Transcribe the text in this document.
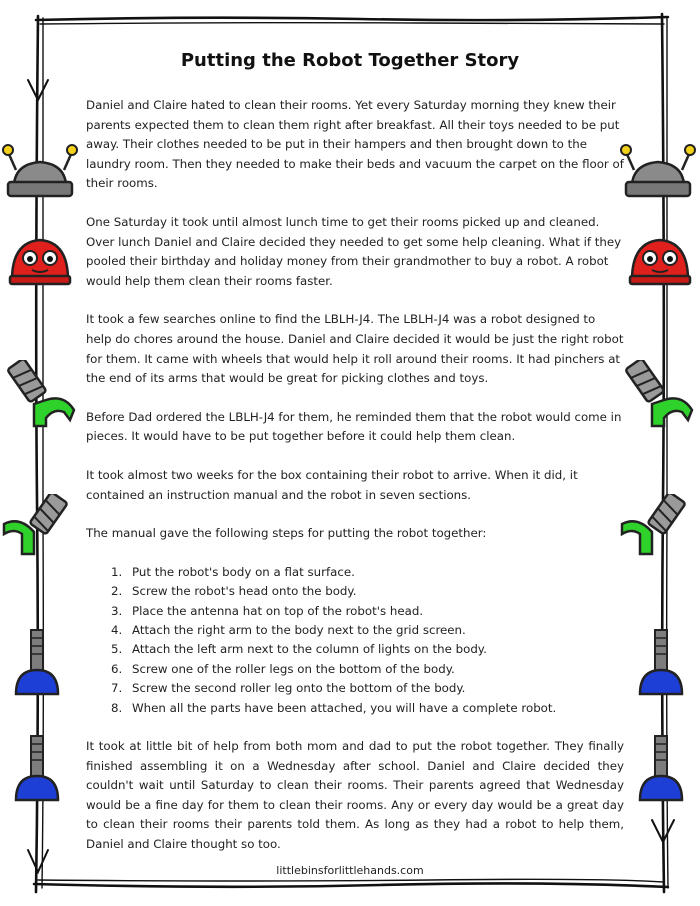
Putting the Robot Together Story

Daniel and Claire hated to clean their rooms. Yet every Saturday morning they knew their parents expected them to clean them right after breakfast. All their toys needed to be put away. Their clothes needed to be put in their hampers and then brought down to the laundry room. Then they needed to make their beds and vacuum the carpet on the floor of their rooms.

One Saturday it took until almost lunch time to get their rooms picked up and cleaned. Over lunch Daniel and Claire decided they needed to get some help cleaning. What if they pooled their birthday and holiday money from their grandmother to buy a robot. A robot would help them clean their rooms faster.

It took a few searches online to find the LBLH-J4. The LBLH-J4 was a robot designed to help do chores around the house. Daniel and Claire decided it would be just the right robot for them. It came with wheels that would help it roll around their rooms. It had pinchers at the end of its arms that would be great for picking clothes and toys.

Before Dad ordered the LBLH-J4 for them, he reminded them that the robot would come in pieces. It would have to be put together before it could help them clean.

It took almost two weeks for the box containing their robot to arrive. When it did, it contained an instruction manual and the robot in seven sections.

The manual gave the following steps for putting the robot together:

1. Put the robot's body on a flat surface.
2. Screw the robot's head onto the body.
3. Place the antenna hat on top of the robot's head.
4. Attach the right arm to the body next to the grid screen.
5. Attach the left arm next to the column of lights on the body.
6. Screw one of the roller legs on the bottom of the body.
7. Screw the second roller leg onto the bottom of the body.
8. When all the parts have been attached, you will have a complete robot.

It took at little bit of help from both mom and dad to put the robot together. They finally finished assembling it on a Wednesday after school. Daniel and Claire decided they couldn't wait until Saturday to clean their rooms. Their parents agreed that Wednesday would be a fine day for them to clean their rooms. Any or every day would be a great day to clean their rooms their parents told them. As long as they had a robot to help them, Daniel and Claire thought so too.

littlebinsforlittlehands.com
